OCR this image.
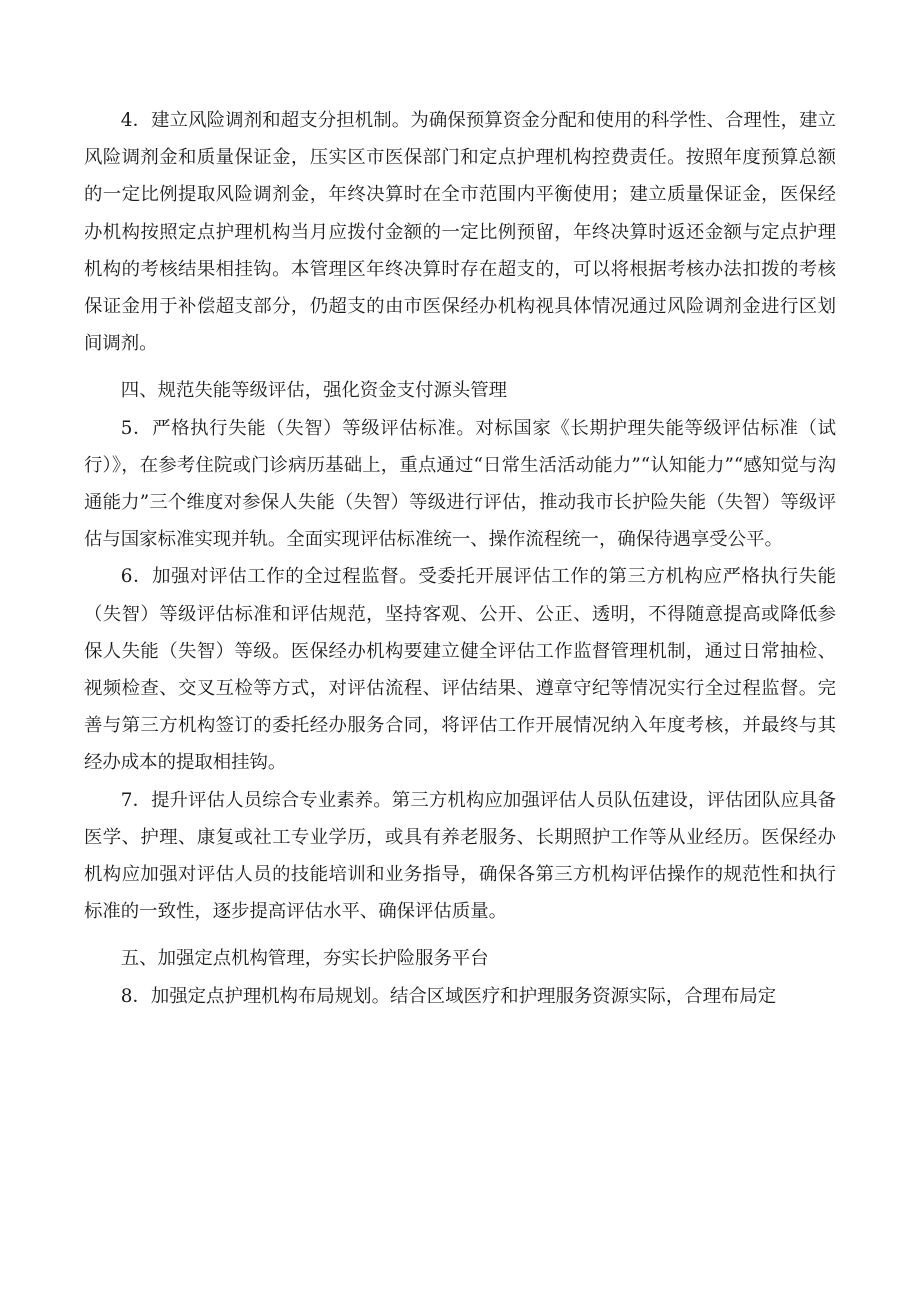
4．建立风险调剂和超支分担机制。为确保预算资金分配和使用的科学性、合理性，建立风险调剂金和质量保证金，压实区市医保部门和定点护理机构控费责任。按照年度预算总额的一定比例提取风险调剂金，年终决算时在全市范围内平衡使用；建立质量保证金，医保经办机构按照定点护理机构当月应拨付金额的一定比例预留，年终决算时返还金额与定点护理机构的考核结果相挂钩。本管理区年终决算时存在超支的，可以将根据考核办法扣拨的考核保证金用于补偿超支部分，仍超支的由市医保经办机构视具体情况通过风险调剂金进行区划间调剂。

四、规范失能等级评估，强化资金支付源头管理

5．严格执行失能（失智）等级评估标准。对标国家《长期护理失能等级评估标准（试行）》，在参考住院或门诊病历基础上，重点通过“日常生活活动能力”“认知能力”“感知觉与沟通能力”三个维度对参保人失能（失智）等级进行评估，推动我市长护险失能（失智）等级评估与国家标准实现并轨。全面实现评估标准统一、操作流程统一，确保待遇享受公平。

6．加强对评估工作的全过程监督。受委托开展评估工作的第三方机构应严格执行失能（失智）等级评估标准和评估规范，坚持客观、公开、公正、透明，不得随意提高或降低参保人失能（失智）等级。医保经办机构要建立健全评估工作监督管理机制，通过日常抽检、视频检查、交叉互检等方式，对评估流程、评估结果、遵章守纪等情况实行全过程监督。完善与第三方机构签订的委托经办服务合同，将评估工作开展情况纳入年度考核，并最终与其经办成本的提取相挂钩。

7．提升评估人员综合专业素养。第三方机构应加强评估人员队伍建设，评估团队应具备医学、护理、康复或社工专业学历，或具有养老服务、长期照护工作等从业经历。医保经办机构应加强对评估人员的技能培训和业务指导，确保各第三方机构评估操作的规范性和执行标准的一致性，逐步提高评估水平、确保评估质量。

五、加强定点机构管理，夯实长护险服务平台

8．加强定点护理机构布局规划。结合区域医疗和护理服务资源实际，合理布局定
